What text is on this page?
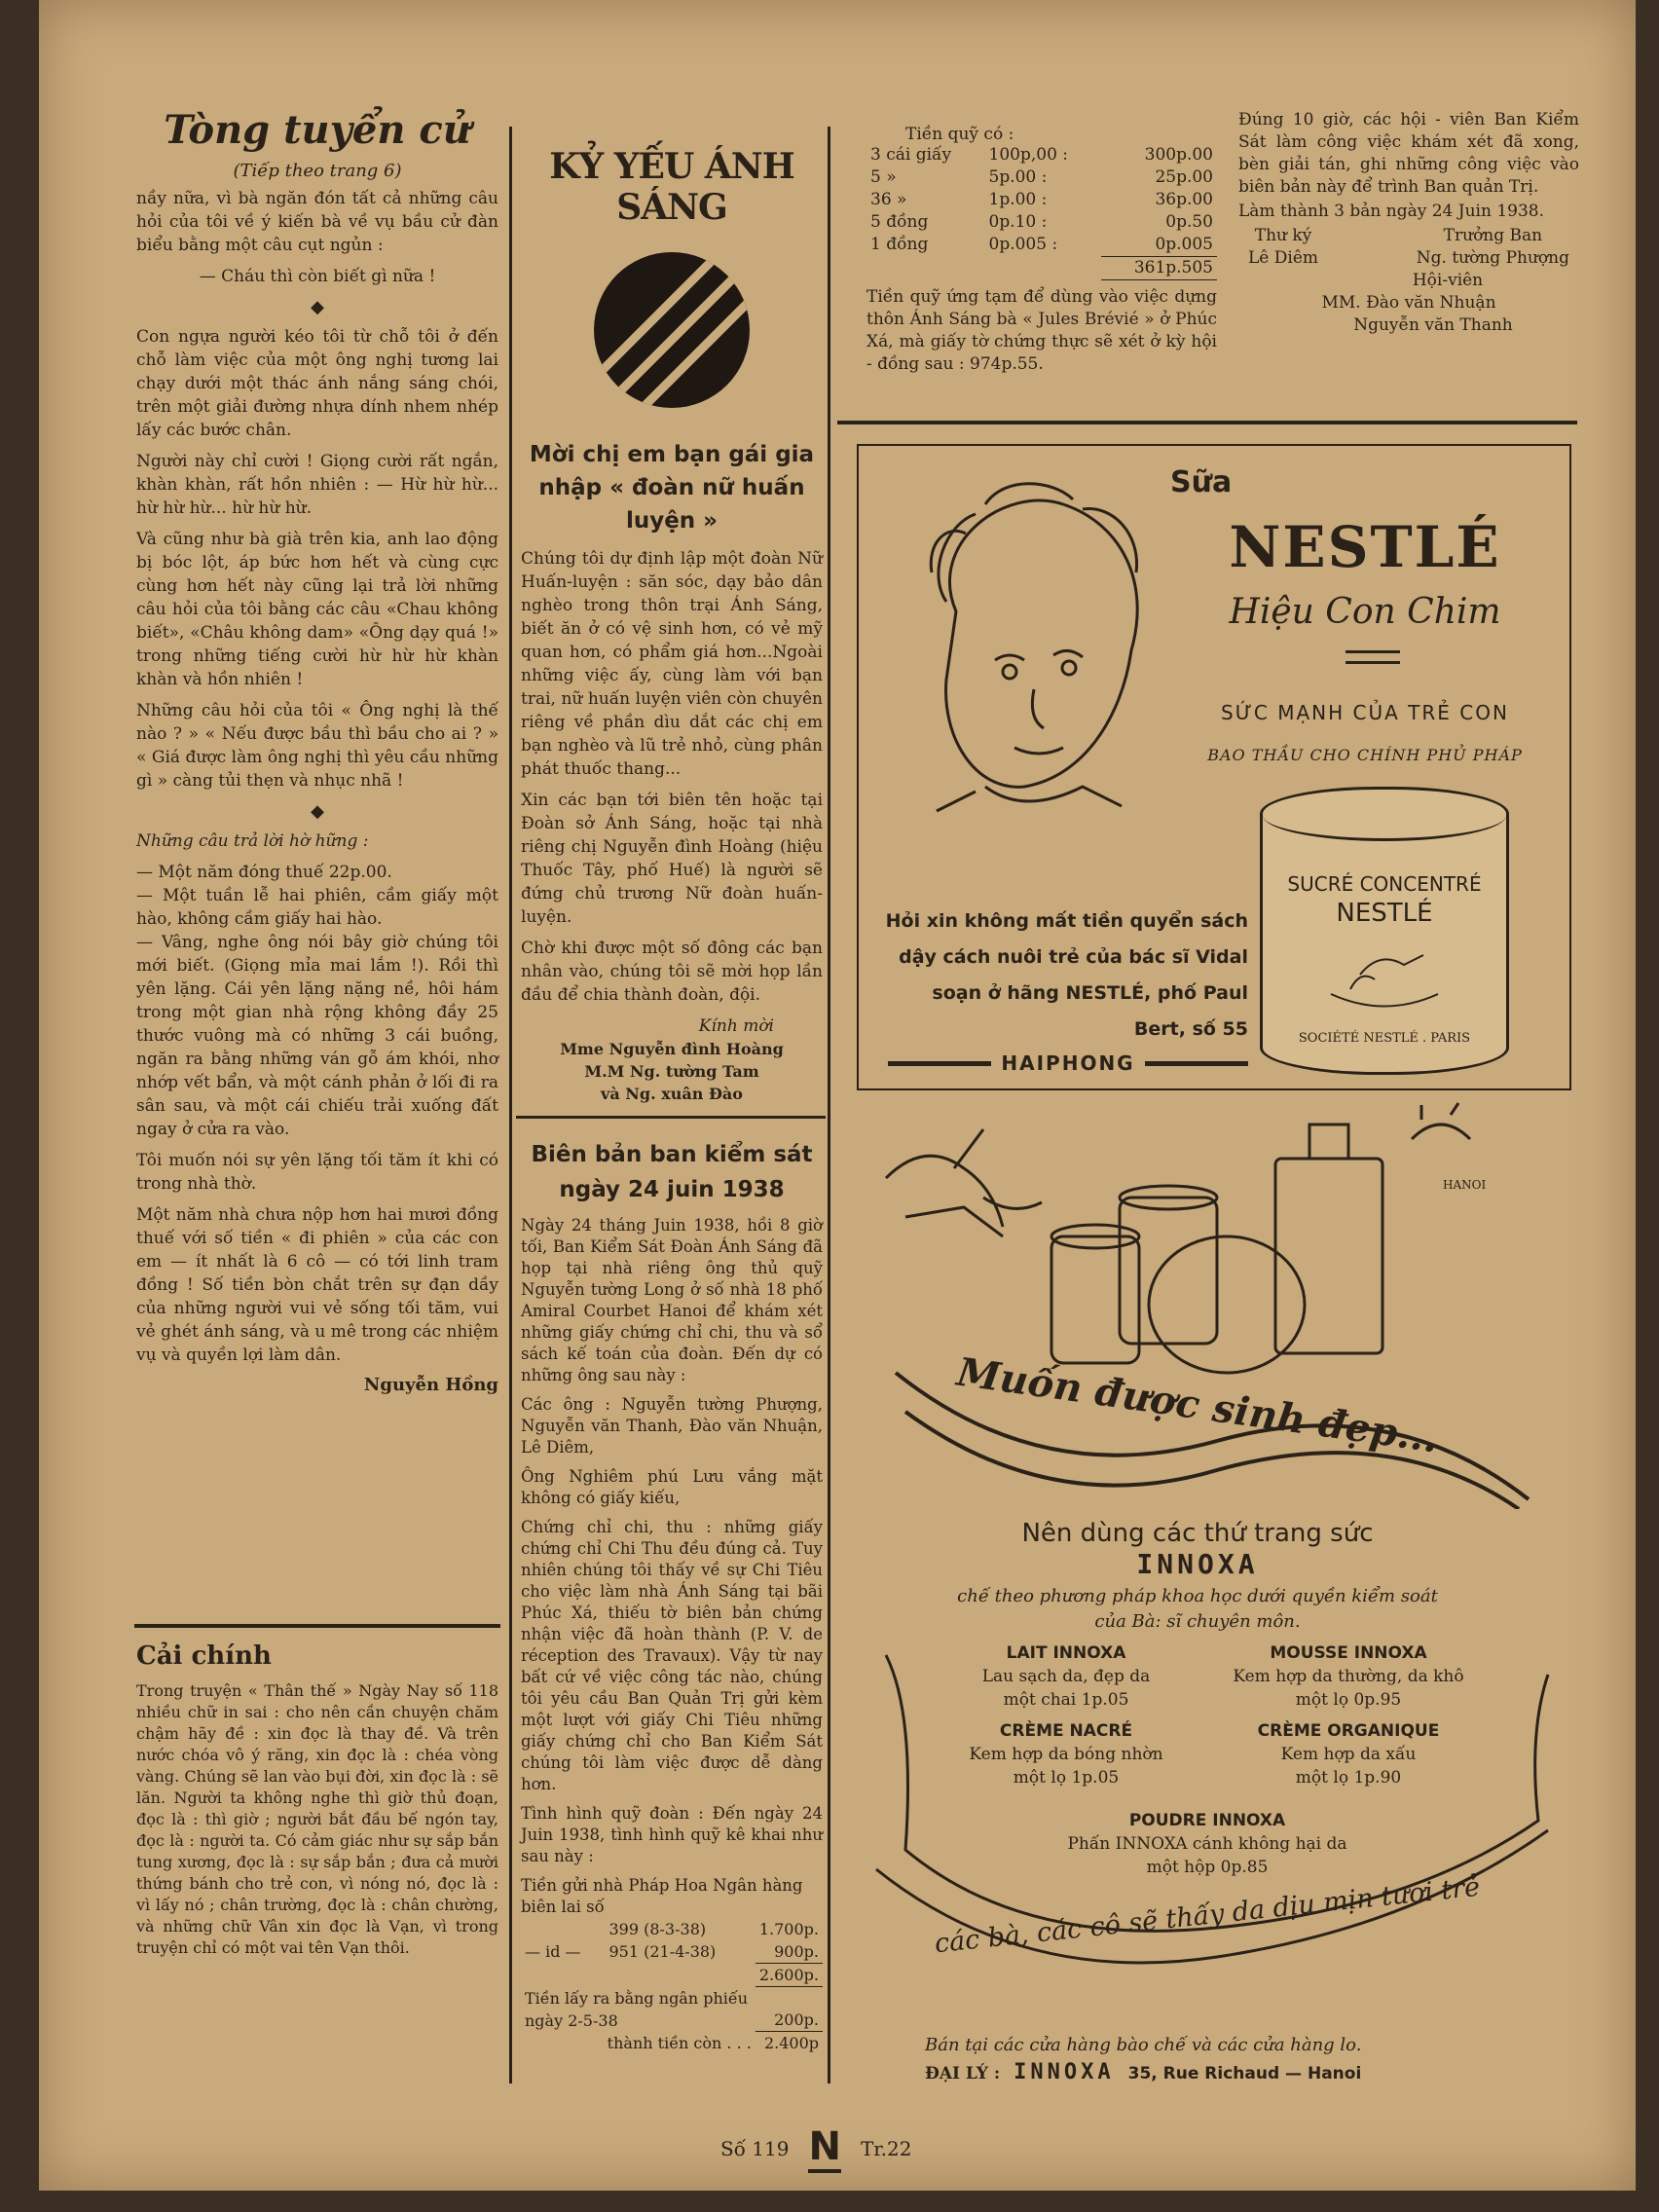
Tòng tuyển cử
(Tiếp theo trang 6)

nầy nữa, vì bà ngăn đón tất cả những câu hỏi của tôi về ý kiến bà về vụ bầu cử đàn biểu bằng một câu cụt ngủn :

— Cháu thì còn biết gì nữa !

◆

Con ngựa người kéo tôi từ chỗ tôi ở đến chỗ làm việc của một ông nghị tương lai chạy dưới một thác ánh nắng sáng chói, trên một giải đường nhựa dính nhem nhép lấy các bước chân.

Người này chỉ cười ! Giọng cười rất ngắn, khàn khàn, rất hồn nhiên : — Hừ hừ hừ... hừ hừ hừ... hừ hừ hừ.

Và cũng như bà già trên kia, anh lao động bị bóc lột, áp bức hơn hết và cùng cực cùng hơn hết này cũng lại trả lời những câu hỏi của tôi bằng các câu «Chau không biết», «Châu không dam» «Ông dạy quá !» trong những tiếng cười hừ hừ hừ khàn khàn và hồn nhiên !

Những câu hỏi của tôi « Ông nghị là thế nào ? » « Nếu được bầu thì bầu cho ai ? » « Giá được làm ông nghị thì yêu cầu những gì » càng tủi thẹn và nhục nhã !

◆

Những câu trả lời hờ hững :

— Một năm đóng thuế 22p.00.

— Một tuần lễ hai phiên, cầm giấy một hào, không cầm giấy hai hào.

— Vâng, nghe ông nói bây giờ chúng tôi mới biết. (Giọng mỉa mai lắm !). Rồi thì yên lặng. Cái yên lặng nặng nề, hôi hám trong một gian nhà rộng không đầy 25 thước vuông mà có những 3 cái buồng, ngăn ra bằng những ván gỗ ám khói, nhơ nhớp vết bẩn, và một cánh phản ở lối đi ra sân sau, và một cái chiếu trải xuống đất ngay ở cửa ra vào.

Tôi muốn nói sự yên lặng tối tăm ít khi có trong nhà thờ.

Một năm nhà chưa nộp hơn hai mươi đồng thuế với số tiền « đi phiên » của các con em — ít nhất là 6 cô — có tới linh tram đồng ! Số tiền bòn chắt trên sự đạn dầy của những người vui vẻ sống tối tăm, vui vẻ ghét ánh sáng, và u mê trong các nhiệm vụ và quyền lợi làm dân.

Nguyễn Hồng
Cải chính

Trong truyện « Thân thế » Ngày Nay số 118 nhiều chữ in sai : cho nên cần chuyện chăm chậm hãy đề : xin đọc là thay đề. Và trên nước chóa vô ý răng, xin đọc là : chéa vòng vàng. Chúng sẽ lan vào bụi đời, xin đọc là : sẽ lăn. Người ta không nghe thì giờ thủ đoạn, đọc là : thì giờ ; người bắt đầu bế ngón tay, đọc là : người ta. Có cảm giác như sự sắp bắn tung xương, đọc là : sự sắp bắn ; đưa cả mười thứng bánh cho trẻ con, vì nóng nó, đọc là : vì lấy nó ; chân trường, đọc là : chân chường, và những chữ Vân xin đọc là Vạn, vì trong truyện chỉ có một vai tên Vạn thôi.

KỶ YẾU ÁNH SÁNG
Mời chị em bạn gái gia nhập « đoàn nữ huấn luyện »

Chúng tôi dự định lập một đoàn Nữ Huấn-luyện : săn sóc, dạy bảo dân nghèo trong thôn trại Ánh Sáng, biết ăn ở có vệ sinh hơn, có vẻ mỹ quan hơn, có phẩm giá hơn...Ngoài những việc ấy, cùng làm với bạn trai, nữ huấn luyện viên còn chuyên riêng về phần dìu dắt các chị em bạn nghèo và lũ trẻ nhỏ, cùng phân phát thuốc thang...

Xin các bạn tới biên tên hoặc tại Đoàn sở Ánh Sáng, hoặc tại nhà riêng chị Nguyễn đình Hoàng (hiệu Thuốc Tây, phố Huế) là người sẽ đứng chủ trương Nữ đoàn huấn-luyện.

Chờ khi được một số đông các bạn nhân vào, chúng tôi sẽ mời họp lần đầu để chia thành đoàn, đội.

Kính mời
Mme Nguyễn đình Hoàng
M.M Ng. tường Tam
và Ng. xuân Đào
Biên bản ban kiểm sát ngày 24 juin 1938

Ngày 24 tháng Juin 1938, hồi 8 giờ tối, Ban Kiểm Sát Đoàn Ánh Sáng đã họp tại nhà riêng ông thủ quỹ Nguyễn tường Long ở số nhà 18 phố Amiral Courbet Hanoi để khám xét những giấy chứng chỉ chi, thu và sổ sách kế toán của đoàn. Đến dự có những ông sau này :

Các ông : Nguyễn tường Phượng, Nguyễn văn Thanh, Đào văn Nhuận, Lê Diêm,

Ông Nghiêm phú Lưu vắng mặt không có giấy kiếu,

Chứng chỉ chi, thu : những giấy chứng chỉ Chi Thu đều đúng cả. Tuy nhiên chúng tôi thấy về sự Chi Tiêu cho việc làm nhà Ánh Sáng tại bãi Phúc Xá, thiếu tờ biên bản chứng nhận việc đã hoàn thành (P. V. de réception des Travaux). Vậy từ nay bất cứ về việc công tác nào, chúng tôi yêu cầu Ban Quản Trị gửi kèm một lượt với giấy Chi Tiêu những giấy chứng chỉ cho Ban Kiểm Sát chúng tôi làm việc được dễ dàng hơn.

Tình hình quỹ đoàn : Đến ngày 24 Juin 1938, tình hình quỹ kê khai như sau này :

Tiền gửi nhà Pháp Hoa Ngân hàng biên lai số
	399 (8-3-38)	1.700p.
— id —	951 (21-4-38)	900p.
		2.600p.
Tiền lấy ra bằng ngân phiếu ngày 2-5-38		200p.
thành tiền còn . . .		2.400p
Tiền quỹ có :
3 cái giấy	100p,00 :	300p.00
5 »	5p.00 :	25p.00
36 »	1p.00 :	36p.00
5 đồng	0p.10 :	0p.50
1 đồng	0p.005 :	0p.005
		361p.505

Tiền quỹ ứng tạm để dùng vào việc dựng thôn Ánh Sáng bà « Jules Brévié » ở Phúc Xá, mà giấy tờ chứng thực sẽ xét ở kỳ hội - đồng sau : 974p.55.

Đúng 10 giờ, các hội - viên Ban Kiểm Sát làm công việc khám xét đã xong, bèn giải tán, ghi những công việc vào biên bản này để trình Ban quản Trị.

Làm thành 3 bản ngày 24 Juin 1938.
Thư ký
Lê Diêm
Trưởng Ban
Ng. tường Phượng
Hội-viên
MM. Đào văn Nhuận
Nguyễn văn Thanh
Sữa
NESTLÉ
Hiệu Con Chim
SỨC MẠNH CỦA TRẺ CON
BAO THẦU CHO CHÍNH PHỦ PHÁP
SUCRÉ CONCENTRÉ
NESTLÉ
SOCIÉTÉ NESTLÉ . PARIS
Hỏi xin không mất tiền quyển sách dậy cách nuôi trẻ của bác sĩ Vidal soạn ở hãng NESTLÉ, phố Paul Bert, số 55
HAIPHONG
HANOI
Muốn được sinh đẹp...
Nên dùng các thứ trang sức
INNOXA
chế theo phương pháp khoa học dưới quyền kiểm soát của Bà: sĩ chuyên môn.
LAIT INNOXA
Lau sạch da, đẹp da
một chai 1p.05
MOUSSE INNOXA
Kem hợp da thường, da khô
một lọ 0p.95
CRÈME NACRÉ
Kem hợp da bóng nhờn
một lọ 1p.05
CRÈME ORGANIQUE
Kem hợp da xấu
một lọ 1p.90
POUDRE INNOXA
Phấn INNOXA cánh không hại da
một hộp 0p.85
các bà, các cô sẽ thấy da dịu mịn tươi trẻ
Bán tại các cửa hàng bào chế và các cửa hàng lo.
ĐẠI LÝ : INNOXA 35, Rue Richaud — Hanoi
Số 119 N Tr.22
